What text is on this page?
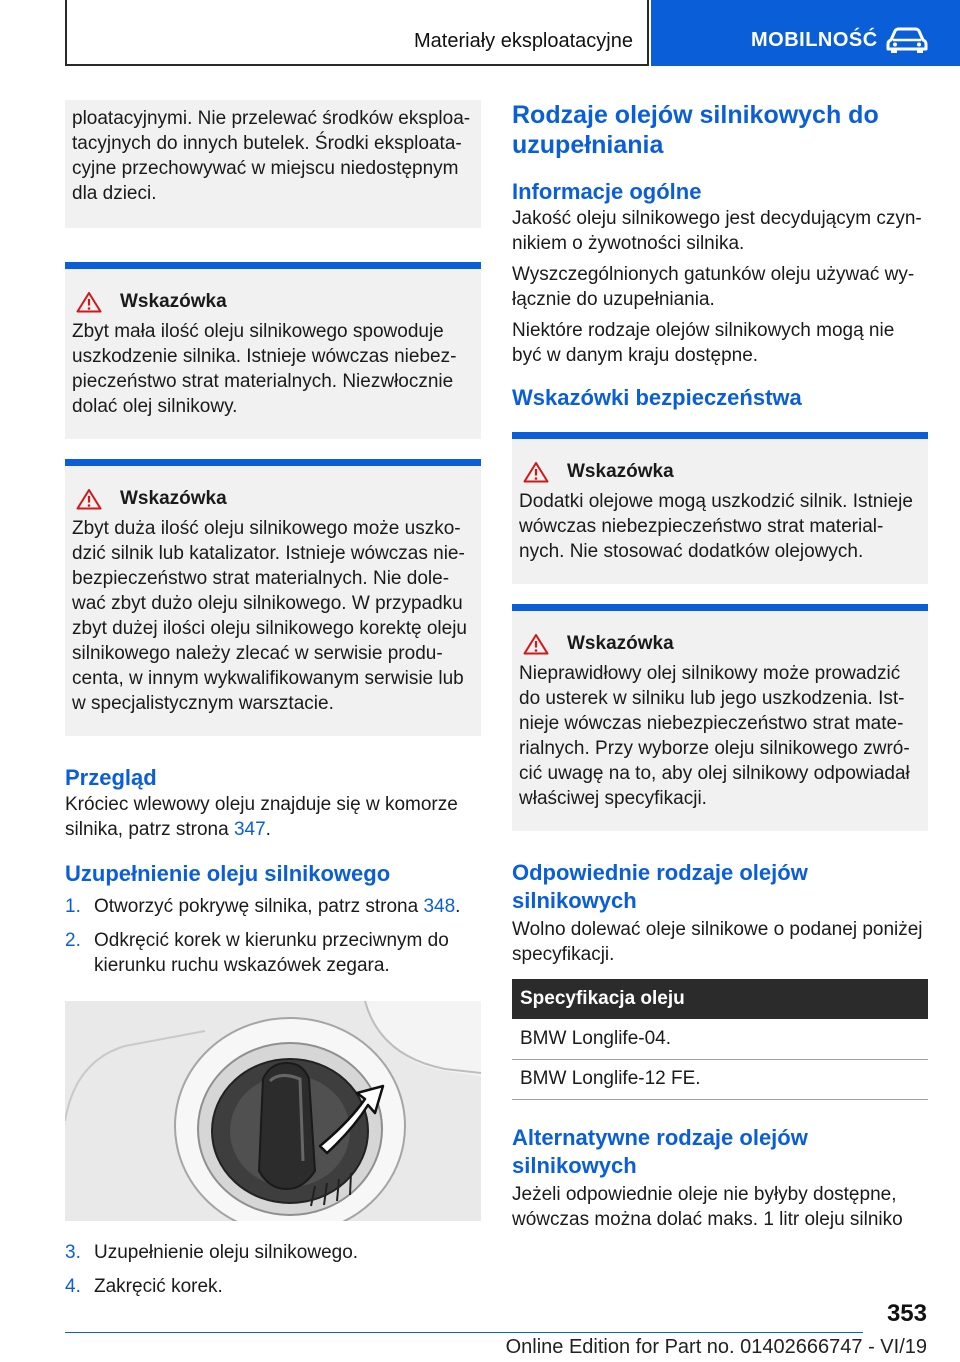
Materiały eksploatacyjne	MOBILNOŚĆ
ploatacyjnymi. Nie przelewać środków eksploatacyjnych do innych butelek. Środki eksploatacyjne przechowywać w miejscu niedostępnym dla dzieci.
Wskazówka
Zbyt mała ilość oleju silnikowego spowoduje uszkodzenie silnika. Istnieje wówczas niebezpieczeństwo strat materialnych. Niezwłocznie dolać olej silnikowy.
Wskazówka
Zbyt duża ilość oleju silnikowego może uszkodzić silnik lub katalizator. Istnieje wówczas niebezpieczeństwo strat materialnych. Nie dolewać zbyt dużo oleju silnikowego. W przypadku zbyt dużej ilości oleju silnikowego korektę oleju silnikowego należy zlecać w serwisie producenta, w innym wykwalifikowanym serwisie lub w specjalistycznym warsztacie.
Przegląd

Króciec wlewowy oleju znajduje się w komorze silnika, patrz strona 347.

Uzupełnienie oleju silnikowego
1. Otworzyć pokrywę silnika, patrz strona 348.
2. Odkręcić korek w kierunku przeciwnym do kierunku ruchu wskazówek zegara.
3. Uzupełnienie oleju silnikowego.
4. Zakręcić korek.
Rodzaje olejów silnikowych do uzupełniania
Informacje ogólne

Jakość oleju silnikowego jest decydującym czynnikiem o żywotności silnika.

Wyszczególnionych gatunków oleju używać wyłącznie do uzupełniania.

Niektóre rodzaje olejów silnikowych mogą nie być w danym kraju dostępne.

Wskazówki bezpieczeństwa
Wskazówka
Dodatki olejowe mogą uszkodzić silnik. Istnieje wówczas niebezpieczeństwo strat materialnych. Nie stosować dodatków olejowych.
Wskazówka
Nieprawidłowy olej silnikowy może prowadzić do usterek w silniku lub jego uszkodzenia. Istnieje wówczas niebezpieczeństwo strat materialnych. Przy wyborze oleju silnikowego zwrócić uwagę na to, aby olej silnikowy odpowiadał właściwej specyfikacji.
Odpowiednie rodzaje olejów silnikowych

Wolno dolewać oleje silnikowe o podanej poniżej specyfikacji.

Specyfikacja oleju
BMW Longlife-04.
BMW Longlife-12 FE.
Alternatywne rodzaje olejów silnikowych

Jeżeli odpowiednie oleje nie byłyby dostępne, wówczas można dolać maks. 1 litr oleju silniko

353
Online Edition for Part no. 01402666747 - VI/19
